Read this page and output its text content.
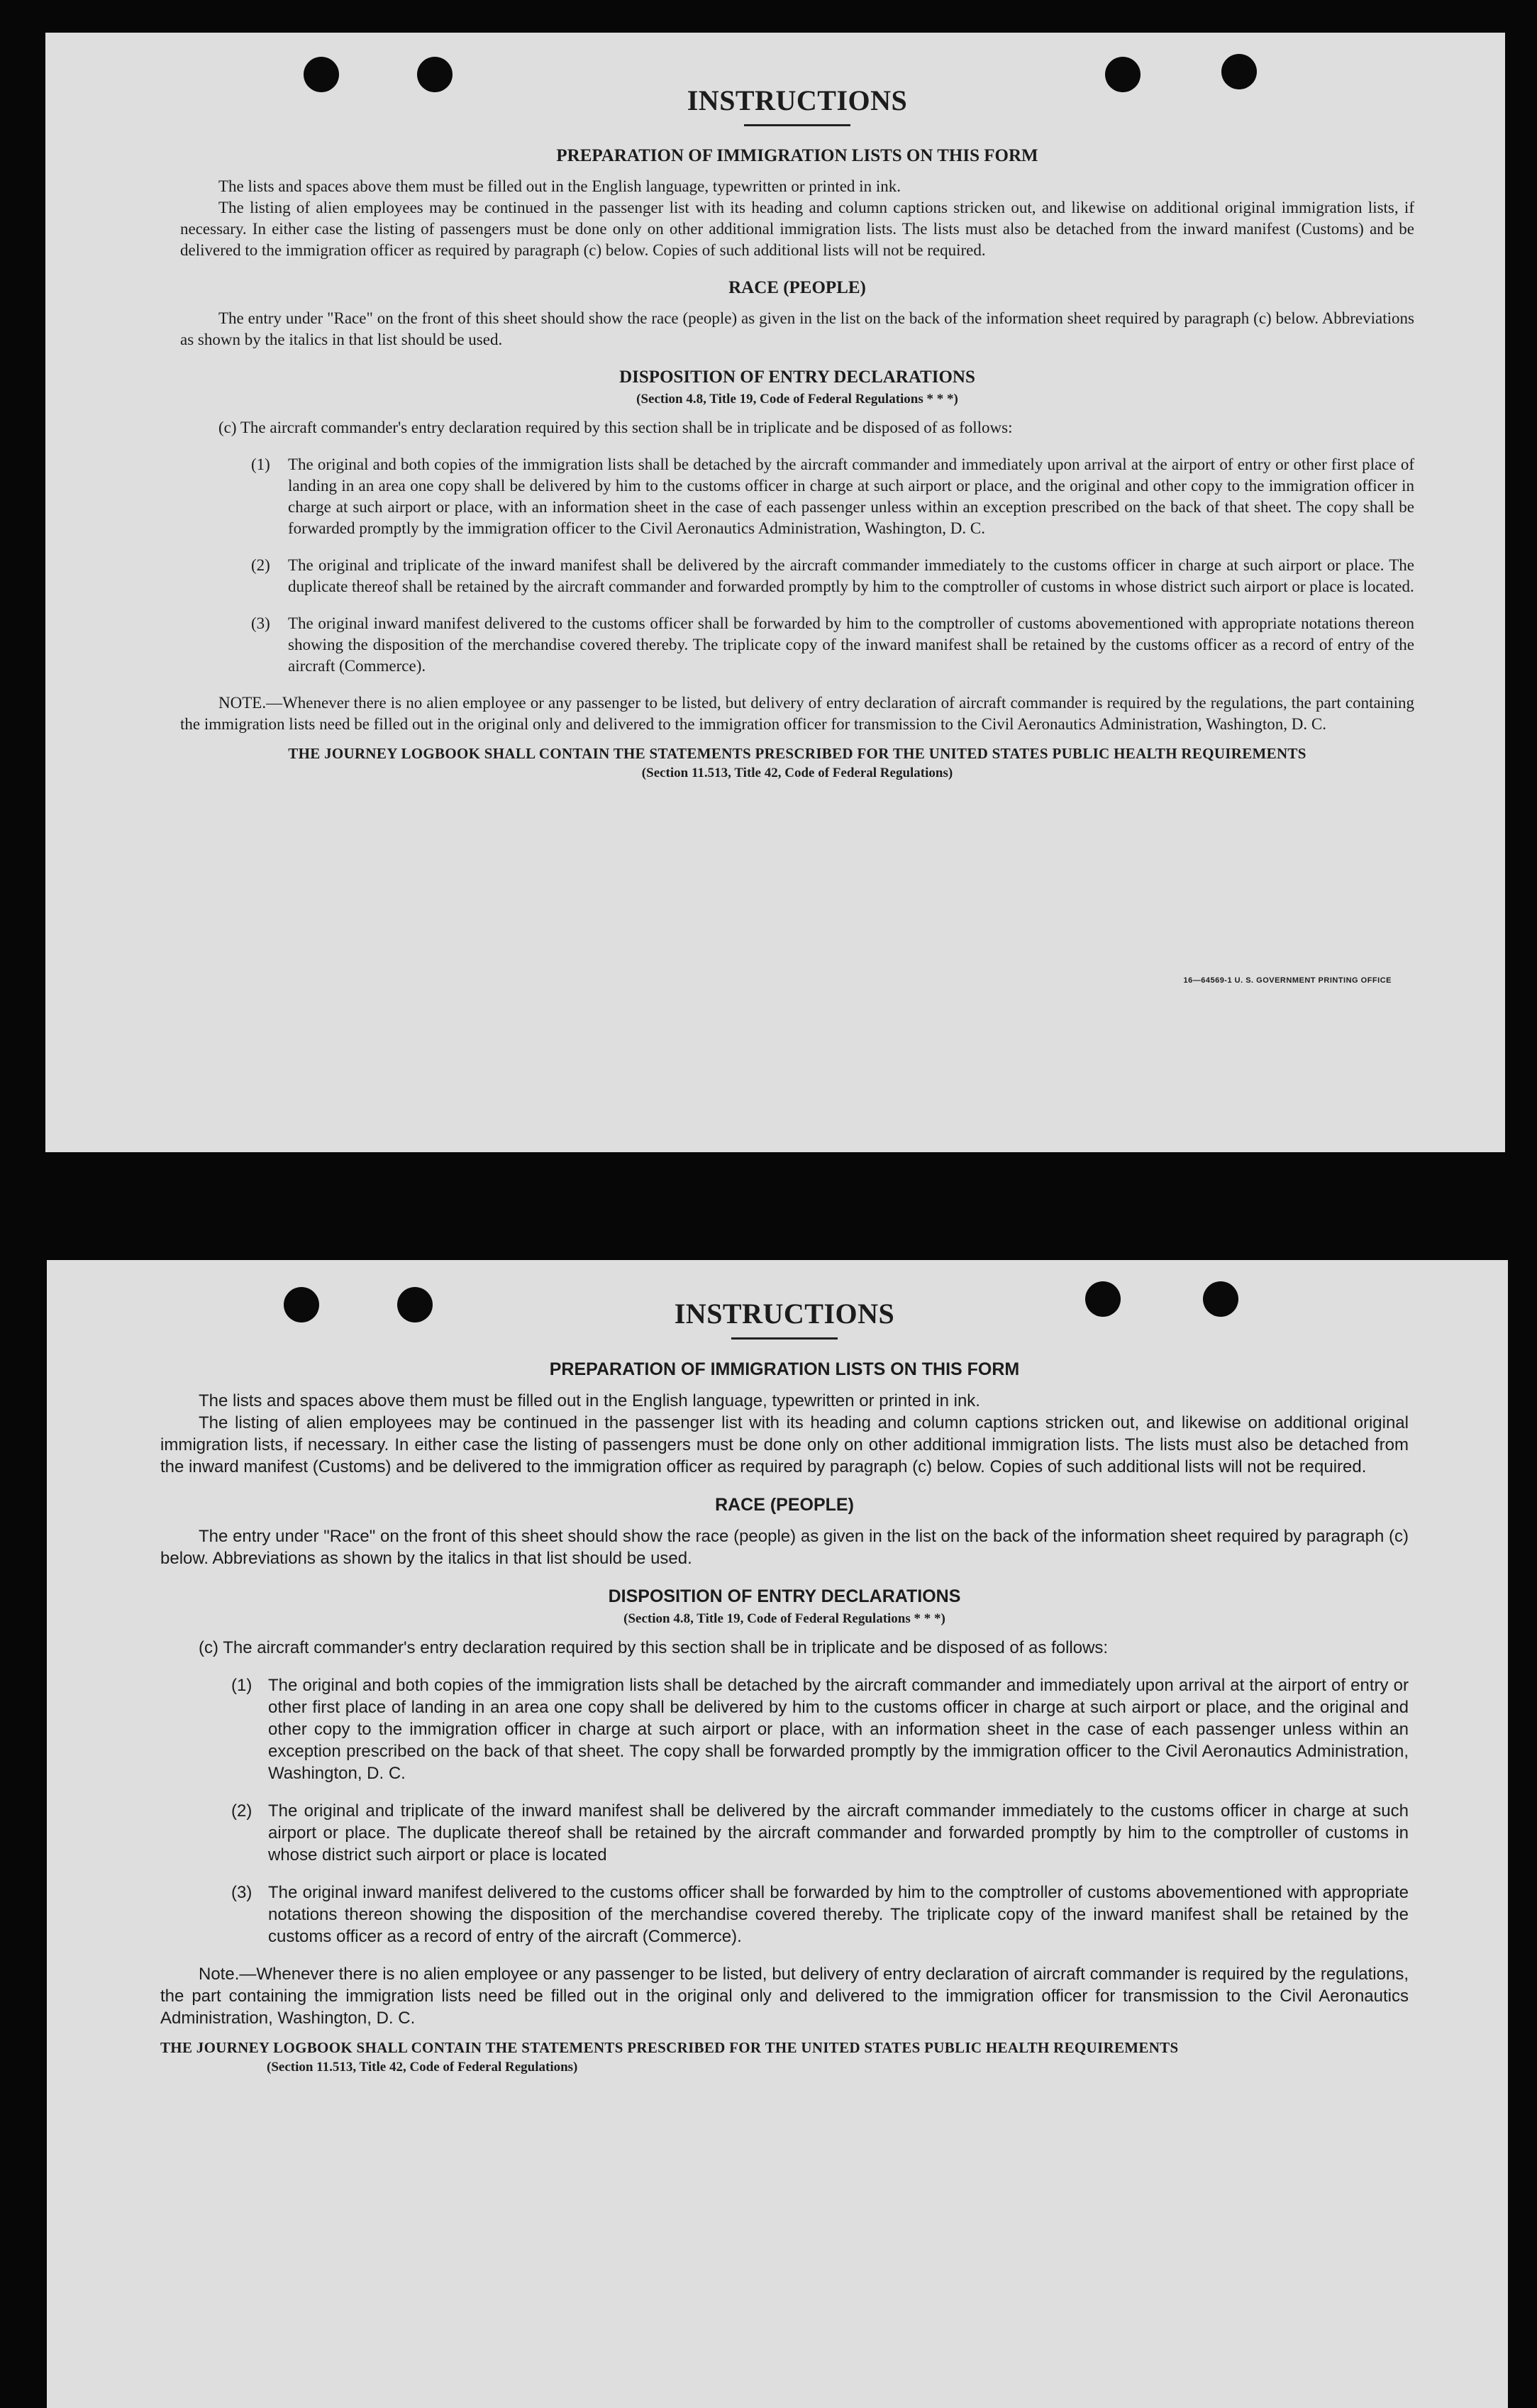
INSTRUCTIONS
PREPARATION OF IMMIGRATION LISTS ON THIS FORM

The lists and spaces above them must be filled out in the English language, typewritten or printed in ink.

The listing of alien employees may be continued in the passenger list with its heading and column captions stricken out, and likewise on additional original immigration lists, if necessary. In either case the listing of passengers must be done only on other additional immigration lists. The lists must also be detached from the inward manifest (Customs) and be delivered to the immigration officer as required by paragraph (c) below. Copies of such additional lists will not be required.

RACE (PEOPLE)

The entry under "Race" on the front of this sheet should show the race (people) as given in the list on the back of the information sheet required by paragraph (c) below. Abbreviations as shown by the italics in that list should be used.

DISPOSITION OF ENTRY DECLARATIONS
(Section 4.8, Title 19, Code of Federal Regulations * * *)

(c) The aircraft commander's entry declaration required by this section shall be in triplicate and be disposed of as follows:

(1)	The original and both copies of the immigration lists shall be detached by the aircraft commander and immediately upon arrival at the airport of entry or other first place of landing in an area one copy shall be delivered by him to the customs officer in charge at such airport or place, and the original and other copy to the immigration officer in charge at such airport or place, with an information sheet in the case of each passenger unless within an exception prescribed on the back of that sheet. The copy shall be forwarded promptly by the immigration officer to the Civil Aeronautics Administration, Washington, D. C.

(2)	The original and triplicate of the inward manifest shall be delivered by the aircraft commander immediately to the customs officer in charge at such airport or place. The duplicate thereof shall be retained by the aircraft commander and forwarded promptly by him to the comptroller of customs in whose district such airport or place is located.

(3)	The original inward manifest delivered to the customs officer shall be forwarded by him to the comptroller of customs abovementioned with appropriate notations thereon showing the disposition of the merchandise covered thereby. The triplicate copy of the inward manifest shall be retained by the customs officer as a record of entry of the aircraft (Commerce).

NOTE.—Whenever there is no alien employee or any passenger to be listed, but delivery of entry declaration of aircraft commander is required by the regulations, the part containing the immigration lists need be filled out in the original only and delivered to the immigration officer for transmission to the Civil Aeronautics Administration, Washington, D. C.

THE JOURNEY LOGBOOK SHALL CONTAIN THE STATEMENTS PRESCRIBED FOR THE UNITED STATES PUBLIC HEALTH REQUIREMENTS
(Section 11.513, Title 42, Code of Federal Regulations)
16—64569-1 U. S. GOVERNMENT PRINTING OFFICE
INSTRUCTIONS
PREPARATION OF IMMIGRATION LISTS ON THIS FORM

The lists and spaces above them must be filled out in the English language, typewritten or printed in ink.

The listing of alien employees may be continued in the passenger list with its heading and column captions stricken out, and likewise on additional original immigration lists, if necessary. In either case the listing of passengers must be done only on other additional immigration lists. The lists must also be detached from the inward manifest (Customs) and be delivered to the immigration officer as required by paragraph (c) below. Copies of such additional lists will not be required.

RACE (PEOPLE)

The entry under "Race" on the front of this sheet should show the race (people) as given in the list on the back of the information sheet required by paragraph (c) below. Abbreviations as shown by the italics in that list should be used.

DISPOSITION OF ENTRY DECLARATIONS
(Section 4.8, Title 19, Code of Federal Regulations * * *)

(c) The aircraft commander's entry declaration required by this section shall be in triplicate and be disposed of as follows:

(1) The original and both copies of the immigration lists shall be detached by the aircraft commander and immediately upon arrival at the airport of entry or other first place of landing in an area one copy shall be delivered by him to the customs officer in charge at such airport or place, and the original and other copy to the immigration officer in charge at such airport or place, with an information sheet in the case of each passenger unless within an exception prescribed on the back of that sheet. The copy shall be forwarded promptly by the immigration officer to the Civil Aeronautics Administration, Washington, D. C.

(2) The original and triplicate of the inward manifest shall be delivered by the aircraft commander immediately to the customs officer in charge at such airport or place. The duplicate thereof shall be retained by the aircraft commander and forwarded promptly by him to the comptroller of customs in whose district such airport or place is located

(3) The original inward manifest delivered to the customs officer shall be forwarded by him to the comptroller of customs abovementioned with appropriate notations thereon showing the disposition of the merchandise covered thereby. The triplicate copy of the inward manifest shall be retained by the customs officer as a record of entry of the aircraft (Commerce).

Note.—Whenever there is no alien employee or any passenger to be listed, but delivery of entry declaration of aircraft commander is required by the regulations, the part containing the immigration lists need be filled out in the original only and delivered to the immigration officer for transmission to the Civil Aeronautics Administration, Washington, D. C.

THE JOURNEY LOGBOOK SHALL CONTAIN THE STATEMENTS PRESCRIBED FOR THE UNITED STATES PUBLIC HEALTH REQUIREMENTS
(Section 11.513, Title 42, Code of Federal Regulations)
